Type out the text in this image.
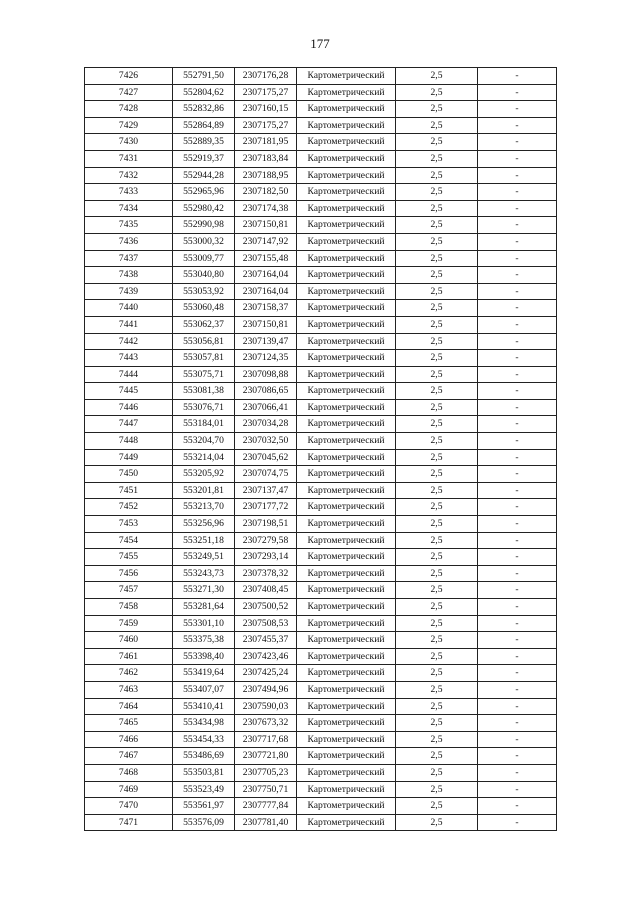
177
7426	552791,50	2307176,28	Картометрический	2,5	-
7427	552804,62	2307175,27	Картометрический	2,5	-
7428	552832,86	2307160,15	Картометрический	2,5	-
7429	552864,89	2307175,27	Картометрический	2,5	-
7430	552889,35	2307181,95	Картометрический	2,5	-
7431	552919,37	2307183,84	Картометрический	2,5	-
7432	552944,28	2307188,95	Картометрический	2,5	-
7433	552965,96	2307182,50	Картометрический	2,5	-
7434	552980,42	2307174,38	Картометрический	2,5	-
7435	552990,98	2307150,81	Картометрический	2,5	-
7436	553000,32	2307147,92	Картометрический	2,5	-
7437	553009,77	2307155,48	Картометрический	2,5	-
7438	553040,80	2307164,04	Картометрический	2,5	-
7439	553053,92	2307164,04	Картометрический	2,5	-
7440	553060,48	2307158,37	Картометрический	2,5	-
7441	553062,37	2307150,81	Картометрический	2,5	-
7442	553056,81	2307139,47	Картометрический	2,5	-
7443	553057,81	2307124,35	Картометрический	2,5	-
7444	553075,71	2307098,88	Картометрический	2,5	-
7445	553081,38	2307086,65	Картометрический	2,5	-
7446	553076,71	2307066,41	Картометрический	2,5	-
7447	553184,01	2307034,28	Картометрический	2,5	-
7448	553204,70	2307032,50	Картометрический	2,5	-
7449	553214,04	2307045,62	Картометрический	2,5	-
7450	553205,92	2307074,75	Картометрический	2,5	-
7451	553201,81	2307137,47	Картометрический	2,5	-
7452	553213,70	2307177,72	Картометрический	2,5	-
7453	553256,96	2307198,51	Картометрический	2,5	-
7454	553251,18	2307279,58	Картометрический	2,5	-
7455	553249,51	2307293,14	Картометрический	2,5	-
7456	553243,73	2307378,32	Картометрический	2,5	-
7457	553271,30	2307408,45	Картометрический	2,5	-
7458	553281,64	2307500,52	Картометрический	2,5	-
7459	553301,10	2307508,53	Картометрический	2,5	-
7460	553375,38	2307455,37	Картометрический	2,5	-
7461	553398,40	2307423,46	Картометрический	2,5	-
7462	553419,64	2307425,24	Картометрический	2,5	-
7463	553407,07	2307494,96	Картометрический	2,5	-
7464	553410,41	2307590,03	Картометрический	2,5	-
7465	553434,98	2307673,32	Картометрический	2,5	-
7466	553454,33	2307717,68	Картометрический	2,5	-
7467	553486,69	2307721,80	Картометрический	2,5	-
7468	553503,81	2307705,23	Картометрический	2,5	-
7469	553523,49	2307750,71	Картометрический	2,5	-
7470	553561,97	2307777,84	Картометрический	2,5	-
7471	553576,09	2307781,40	Картометрический	2,5	-
